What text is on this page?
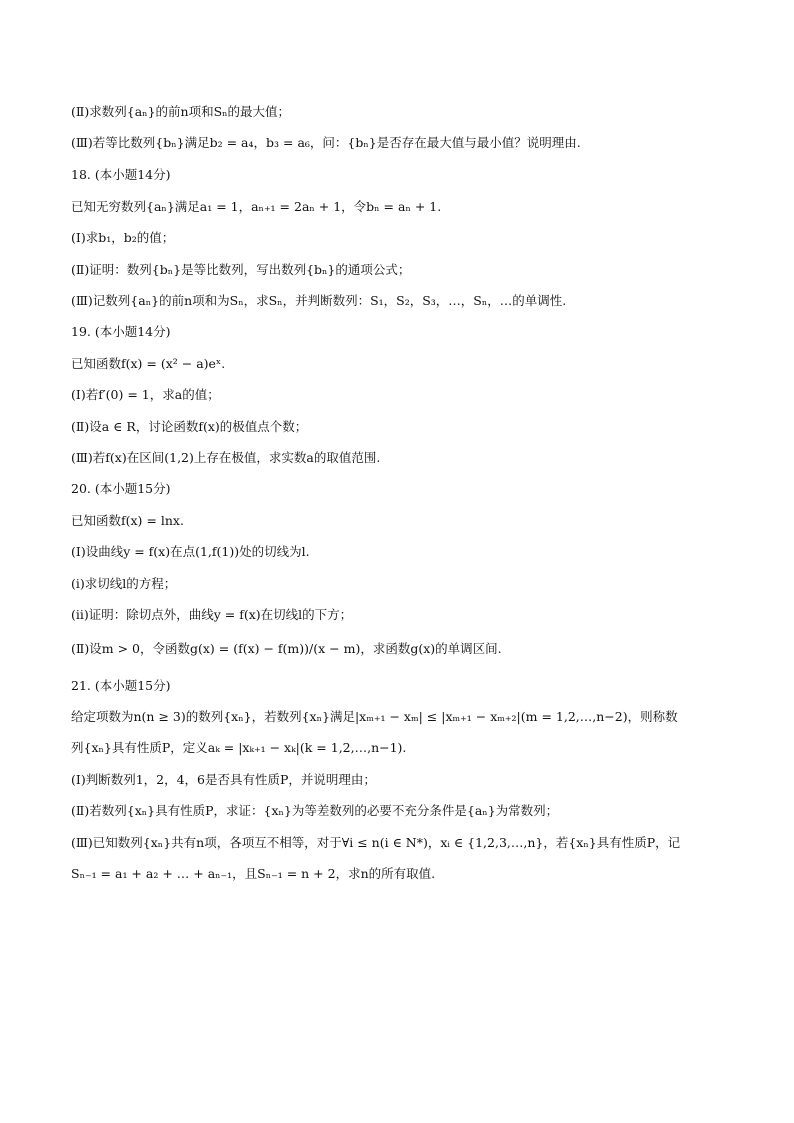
(Ⅱ)求数列{aₙ}的前n项和Sₙ的最大值；
(Ⅲ)若等比数列{bₙ}满足b₂ = a₄，b₃ = a₆，问：{bₙ}是否存在最大值与最小值？说明理由.
18. (本小题14分)
已知无穷数列{aₙ}满足a₁ = 1，aₙ₊₁ = 2aₙ + 1，令bₙ = aₙ + 1.
(Ⅰ)求b₁，b₂的值；
(Ⅱ)证明：数列{bₙ}是等比数列，写出数列{bₙ}的通项公式；
(Ⅲ)记数列{aₙ}的前n项和为Sₙ，求Sₙ，并判断数列：S₁，S₂，S₃，…，Sₙ，…的单调性.
19. (本小题14分)
已知函数f(x) = (x² − a)eˣ.
(Ⅰ)若f′(0) = 1，求a的值；
(Ⅱ)设a ∈ R，讨论函数f(x)的极值点个数；
(Ⅲ)若f(x)在区间(1,2)上存在极值，求实数a的取值范围.
20. (本小题15分)
已知函数f(x) = lnx.
(Ⅰ)设曲线y = f(x)在点(1,f(1))处的切线为l.
(i)求切线l的方程；
(ii)证明：除切点外，曲线y = f(x)在切线l的下方；
(Ⅱ)设m > 0，令函数g(x) = (f(x) − f(m))/(x − m)，求函数g(x)的单调区间.
21. (本小题15分)
给定项数为n(n ≥ 3)的数列{xₙ}，若数列{xₙ}满足|xₘ₊₁ − xₘ| ≤ |xₘ₊₁ − xₘ₊₂|(m = 1,2,…,n−2)，则称数
列{xₙ}具有性质P，定义aₖ = |xₖ₊₁ − xₖ|(k = 1,2,…,n−1).
(Ⅰ)判断数列1，2，4，6是否具有性质P，并说明理由；
(Ⅱ)若数列{xₙ}具有性质P，求证：{xₙ}为等差数列的必要不充分条件是{aₙ}为常数列；
(Ⅲ)已知数列{xₙ}共有n项，各项互不相等，对于∀i ≤ n(i ∈ N*)，xᵢ ∈ {1,2,3,…,n}，若{xₙ}具有性质P，记
Sₙ₋₁ = a₁ + a₂ + … + aₙ₋₁，且Sₙ₋₁ = n + 2，求n的所有取值.
